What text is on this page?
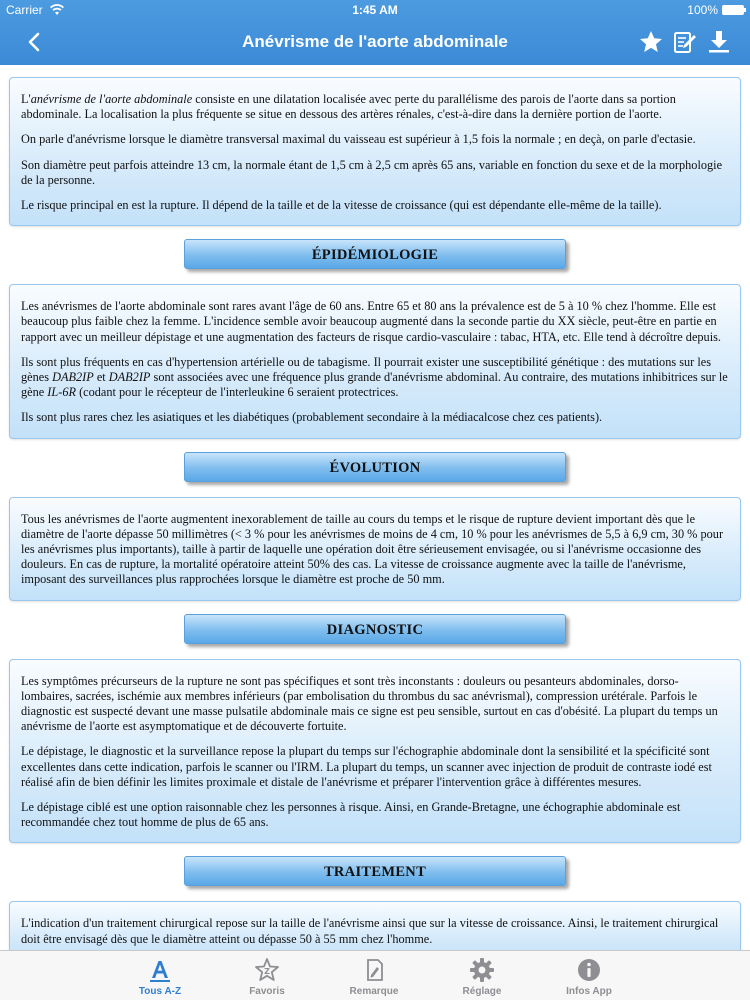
Carrier	1:45 AM	100%
Anévrisme de l'aorte abdominale

L'anévrisme de l'aorte abdominale consiste en une dilatation localisée avec perte du parallélisme des parois de l'aorte dans sa portion abdominale. La localisation la plus fréquente se situe en dessous des artères rénales, c'est-à-dire dans la dernière portion de l'aorte.

On parle d'anévrisme lorsque le diamètre transversal maximal du vaisseau est supérieur à 1,5 fois la normale ; en deçà, on parle d'ectasie.

Son diamètre peut parfois atteindre 13 cm, la normale étant de 1,5 cm à 2,5 cm après 65 ans, variable en fonction du sexe et de la morphologie de la personne.

Le risque principal en est la rupture. Il dépend de la taille et de la vitesse de croissance (qui est dépendante elle-même de la taille).

ÉPIDÉMIOLOGIE

Les anévrismes de l'aorte abdominale sont rares avant l'âge de 60 ans. Entre 65 et 80 ans la prévalence est de 5 à 10 % chez l'homme. Elle est beaucoup plus faible chez la femme. L'incidence semble avoir beaucoup augmenté dans la seconde partie du XX siècle, peut-être en partie en rapport avec un meilleur dépistage et une augmentation des facteurs de risque cardio-vasculaire : tabac, HTA, etc. Elle tend à décroître depuis.

Ils sont plus fréquents en cas d'hypertension artérielle ou de tabagisme. Il pourrait exister une susceptibilité génétique : des mutations sur les gènes DAB2IP et DAB2IP sont associées avec une fréquence plus grande d'anévrisme abdominal. Au contraire, des mutations inhibitrices sur le gène IL-6R (codant pour le récepteur de l'interleukine 6 seraient protectrices.

Ils sont plus rares chez les asiatiques et les diabétiques (probablement secondaire à la médiacalcose chez ces patients).

ÉVOLUTION

Tous les anévrismes de l'aorte augmentent inexorablement de taille au cours du temps et le risque de rupture devient important dès que le diamètre de l'aorte dépasse 50 millimètres (< 3 % pour les anévrismes de moins de 4 cm, 10 % pour les anévrismes de 5,5 à 6,9 cm, 30 % pour les anévrismes plus importants), taille à partir de laquelle une opération doit être sérieusement envisagée, ou si l'anévrisme occasionne des douleurs. En cas de rupture, la mortalité opératoire atteint 50% des cas. La vitesse de croissance augmente avec la taille de l'anévrisme, imposant des surveillances plus rapprochées lorsque le diamètre est proche de 50 mm.

DIAGNOSTIC

Les symptômes précurseurs de la rupture ne sont pas spécifiques et sont très inconstants : douleurs ou pesanteurs abdominales, dorso-lombaires, sacrées, ischémie aux membres inférieurs (par embolisation du thrombus du sac anévrismal), compression urétérale. Parfois le diagnostic est suspecté devant une masse pulsatile abdominale mais ce signe est peu sensible, surtout en cas d'obésité. La plupart du temps un anévrisme de l'aorte est asymptomatique et de découverte fortuite.

Le dépistage, le diagnostic et la surveillance repose la plupart du temps sur l'échographie abdominale dont la sensibilité et la spécificité sont excellentes dans cette indication, parfois le scanner ou l'IRM. La plupart du temps, un scanner avec injection de produit de contraste iodé est réalisé afin de bien définir les limites proximale et distale de l'anévrisme et préparer l'intervention grâce à différentes mesures.

Le dépistage ciblé est une option raisonnable chez les personnes à risque. Ainsi, en Grande-Bretagne, une échographie abdominale est recommandée chez tout homme de plus de 65 ans.

TRAITEMENT

L'indication d'un traitement chirurgical repose sur la taille de l'anévrisme ainsi que sur la vitesse de croissance. Ainsi, le traitement chirurgical doit être envisagé dès que le diamètre atteint ou dépasse 50 à 55 mm chez l'homme.

Tous A-Z
Z
Favoris	Remarque	Réglage	Infos App
